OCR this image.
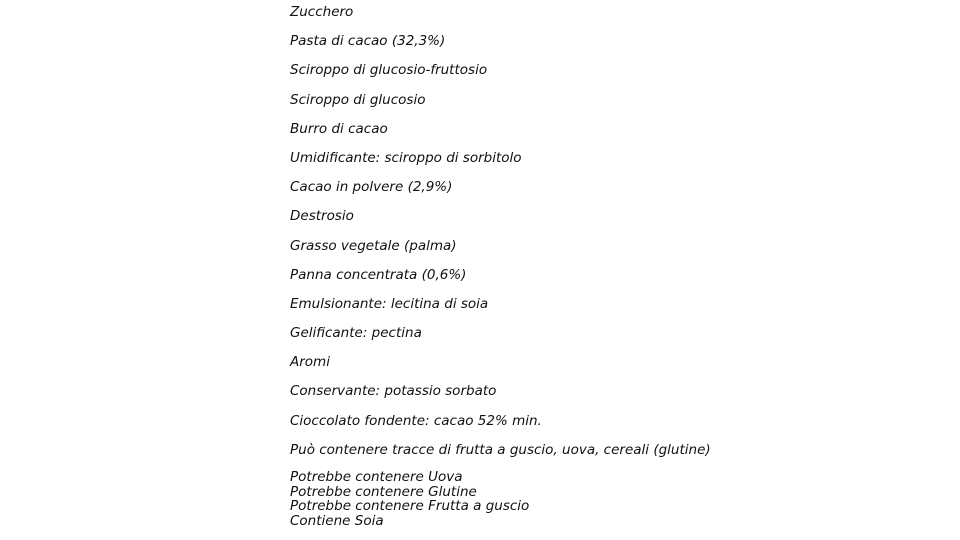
Zucchero
Pasta di cacao (32,3%)
Sciroppo di glucosio-fruttosio
Sciroppo di glucosio
Burro di cacao
Umidificante: sciroppo di sorbitolo
Cacao in polvere (2,9%)
Destrosio
Grasso vegetale (palma)
Panna concentrata (0,6%)
Emulsionante: lecitina di soia
Gelificante: pectina
Aromi
Conservante: potassio sorbato
Cioccolato fondente: cacao 52% min.
Può contenere tracce di frutta a guscio, uova, cereali (glutine)
Potrebbe contenere Uova
Potrebbe contenere Glutine
Potrebbe contenere Frutta a guscio
Contiene Soia
